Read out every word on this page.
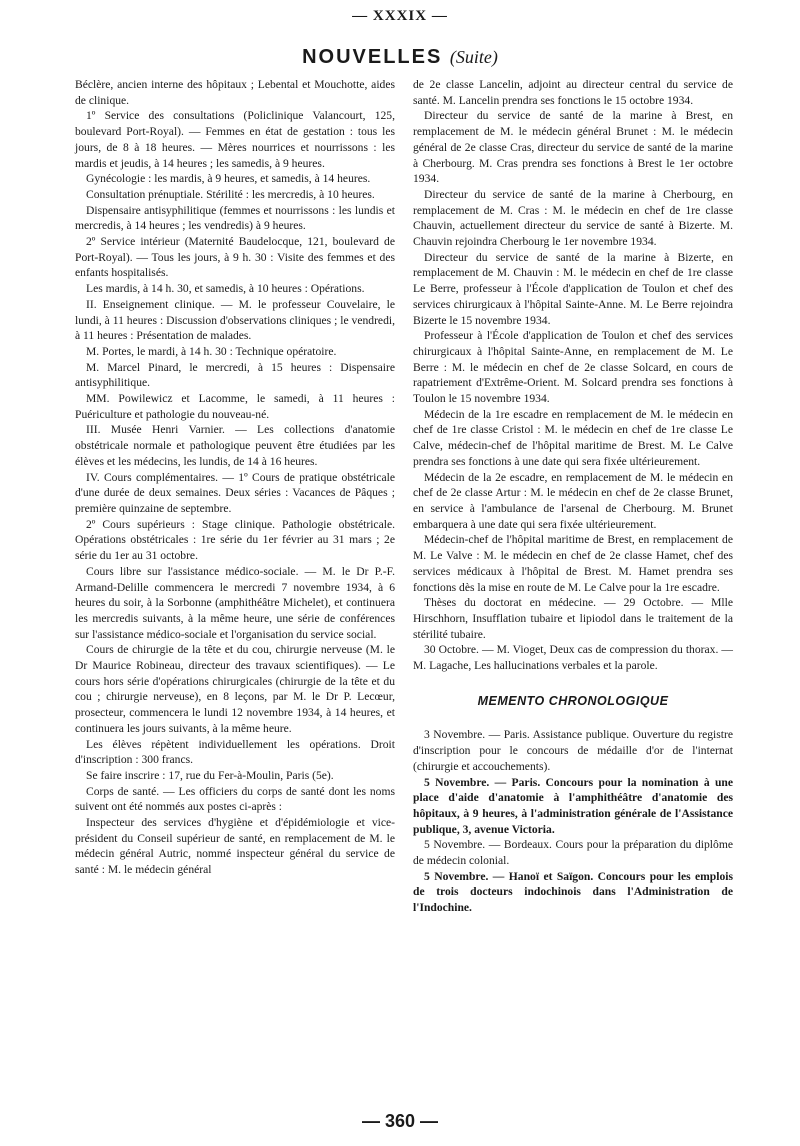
— XXXIX —
NOUVELLES (Suite)

Béclère, ancien interne des hôpitaux ; Lebental et Mouchotte, aides de clinique.

1º Service des consultations (Policlinique Valancourt, 125, boulevard Port-Royal). — Femmes en état de gestation : tous les jours, de 8 à 18 heures. — Mères nourrices et nourrissons : les mardis et jeudis, à 14 heures ; les samedis, à 9 heures.

Gynécologie : les mardis, à 9 heures, et samedis, à 14 heures.

Consultation prénuptiale. Stérilité : les mercredis, à 10 heures.

Dispensaire antisyphilitique (femmes et nourrissons : les lundis et mercredis, à 14 heures ; les vendredis) à 9 heures.

2º Service intérieur (Maternité Baudelocque, 121, boulevard de Port-Royal). — Tous les jours, à 9 h. 30 : Visite des femmes et des enfants hospitalisés.

Les mardis, à 14 h. 30, et samedis, à 10 heures : Opérations.

II. Enseignement clinique. — M. le professeur Couvelaire, le lundi, à 11 heures : Discussion d'observations cliniques ; le vendredi, à 11 heures : Présentation de malades.

M. Portes, le mardi, à 14 h. 30 : Technique opératoire.

M. Marcel Pinard, le mercredi, à 15 heures : Dispensaire antisyphilitique.

MM. Powilewicz et Lacomme, le samedi, à 11 heures : Puériculture et pathologie du nouveau-né.

III. Musée Henri Varnier. — Les collections d'anatomie obstétricale normale et pathologique peuvent être étudiées par les élèves et les médecins, les lundis, de 14 à 16 heures.

IV. Cours complémentaires. — 1º Cours de pratique obstétricale d'une durée de deux semaines. Deux séries : Vacances de Pâques ; première quinzaine de septembre.

2º Cours supérieurs : Stage clinique. Pathologie obstétricale. Opérations obstétricales : 1re série du 1er février au 31 mars ; 2e série du 1er au 31 octobre.

Cours libre sur l'assistance médico-sociale. — M. le Dr P.-F. Armand-Delille commencera le mercredi 7 novembre 1934, à 6 heures du soir, à la Sorbonne (amphithéâtre Michelet), et continuera les mercredis suivants, à la même heure, une série de conférences sur l'assistance médico-sociale et l'organisation du service social.

Cours de chirurgie de la tête et du cou, chirurgie nerveuse (M. le Dr Maurice Robineau, directeur des travaux scientifiques). — Le cours hors série d'opérations chirurgicales (chirurgie de la tête et du cou ; chirurgie nerveuse), en 8 leçons, par M. le Dr P. Lecœur, prosecteur, commencera le lundi 12 novembre 1934, à 14 heures, et continuera les jours suivants, à la même heure.

Les élèves répètent individuellement les opérations. Droit d'inscription : 300 francs.

Se faire inscrire : 17, rue du Fer-à-Moulin, Paris (5e).

Corps de santé. — Les officiers du corps de santé dont les noms suivent ont été nommés aux postes ci-après :

Inspecteur des services d'hygiène et d'épidémiologie et vice-président du Conseil supérieur de santé, en remplacement de M. le médecin général Autric, nommé inspecteur général du service de santé : M. le médecin général

de 2e classe Lancelin, adjoint au directeur central du service de santé. M. Lancelin prendra ses fonctions le 15 octobre 1934.

Directeur du service de santé de la marine à Brest, en remplacement de M. le médecin général Brunet : M. le médecin général de 2e classe Cras, directeur du service de santé de la marine à Cherbourg. M. Cras prendra ses fonctions à Brest le 1er octobre 1934.

Directeur du service de santé de la marine à Cherbourg, en remplacement de M. Cras : M. le médecin en chef de 1re classe Chauvin, actuellement directeur du service de santé à Bizerte. M. Chauvin rejoindra Cherbourg le 1er novembre 1934.

Directeur du service de santé de la marine à Bizerte, en remplacement de M. Chauvin : M. le médecin en chef de 1re classe Le Berre, professeur à l'École d'application de Toulon et chef des services chirurgicaux à l'hôpital Sainte-Anne. M. Le Berre rejoindra Bizerte le 15 novembre 1934.

Professeur à l'École d'application de Toulon et chef des services chirurgicaux à l'hôpital Sainte-Anne, en remplacement de M. Le Berre : M. le médecin en chef de 2e classe Solcard, en cours de rapatriement d'Extrême-Orient. M. Solcard prendra ses fonctions à Toulon le 15 novembre 1934.

Médecin de la 1re escadre en remplacement de M. le médecin en chef de 1re classe Cristol : M. le médecin en chef de 1re classe Le Calve, médecin-chef de l'hôpital maritime de Brest. M. Le Calve prendra ses fonctions à une date qui sera fixée ultérieurement.

Médecin de la 2e escadre, en remplacement de M. le médecin en chef de 2e classe Artur : M. le médecin en chef de 2e classe Brunet, en service à l'ambulance de l'arsenal de Cherbourg. M. Brunet embarquera à une date qui sera fixée ultérieurement.

Médecin-chef de l'hôpital maritime de Brest, en remplacement de M. Le Valve : M. le médecin en chef de 2e classe Hamet, chef des services médicaux à l'hôpital de Brest. M. Hamet prendra ses fonctions dès la mise en route de M. Le Calve pour la 1re escadre.

Thèses du doctorat en médecine. — 29 Octobre. — Mlle Hirschhorn, Insufflation tubaire et lipiodol dans le traitement de la stérilité tubaire.

30 Octobre. — M. Vioget, Deux cas de compression du thorax. — M. Lagache, Les hallucinations verbales et la parole.

MEMENTO CHRONOLOGIQUE

3 Novembre. — Paris. Assistance publique. Ouverture du registre d'inscription pour le concours de médaille d'or de l'internat (chirurgie et accouchements).

5 Novembre. — Paris. Concours pour la nomination à une place d'aide d'anatomie à l'amphithéâtre d'anatomie des hôpitaux, à 9 heures, à l'administration générale de l'Assistance publique, 3, avenue Victoria.

5 Novembre. — Bordeaux. Cours pour la préparation du diplôme de médecin colonial.

5 Novembre. — Hanoï et Saïgon. Concours pour les emplois de trois docteurs indochinois dans l'Administration de l'Indochine.

— 360 —
